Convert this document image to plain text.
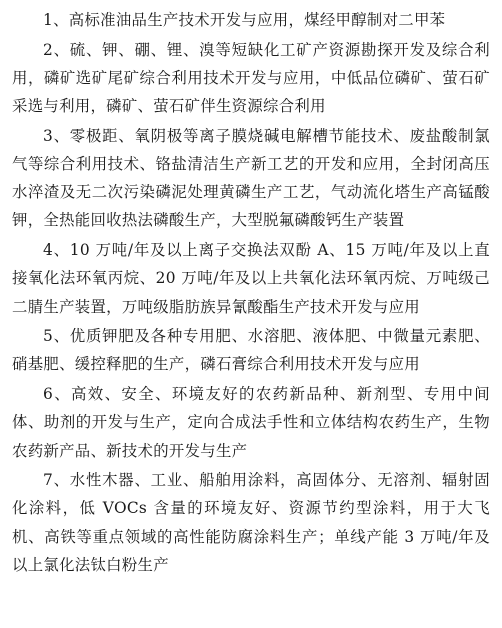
1、高标准油品生产技术开发与应用，煤经甲醇制对二甲苯

2、硫、钾、硼、锂、溴等短缺化工矿产资源勘探开发及综合利用，磷矿选矿尾矿综合利用技术开发与应用，中低品位磷矿、萤石矿采选与利用，磷矿、萤石矿伴生资源综合利用

3、零极距、氧阴极等离子膜烧碱电解槽节能技术、废盐酸制氯气等综合利用技术、铬盐清洁生产新工艺的开发和应用，全封闭高压水淬渣及无二次污染磷泥处理黄磷生产工艺，气动流化塔生产高锰酸钾，全热能回收热法磷酸生产，大型脱氟磷酸钙生产装置

4、10 万吨/年及以上离子交换法双酚 A、15 万吨/年及以上直接氧化法环氧丙烷、20 万吨/年及以上共氧化法环氧丙烷、万吨级己二腈生产装置，万吨级脂肪族异氰酸酯生产技术开发与应用

5、优质钾肥及各种专用肥、水溶肥、液体肥、中微量元素肥、硝基肥、缓控释肥的生产，磷石膏综合利用技术开发与应用

6、高效、安全、环境友好的农药新品种、新剂型、专用中间体、助剂的开发与生产，定向合成法手性和立体结构农药生产，生物农药新产品、新技术的开发与生产

7、水性木器、工业、船舶用涂料，高固体分、无溶剂、辐射固化涂料，低 VOCs 含量的环境友好、资源节约型涂料，用于大飞机、高铁等重点领域的高性能防腐涂料生产；单线产能 3 万吨/年及以上氯化法钛白粉生产
